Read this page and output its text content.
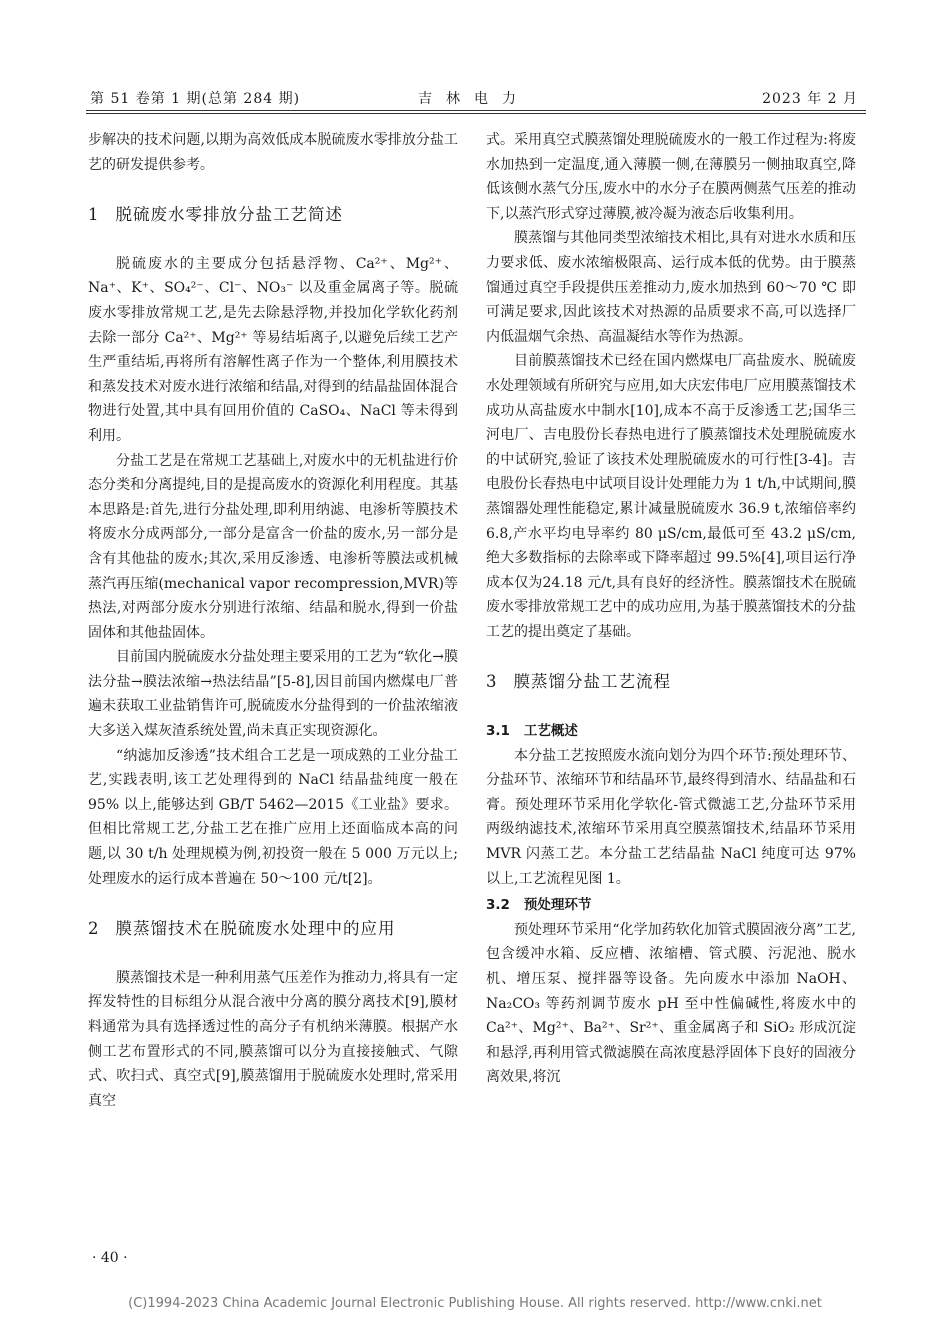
第 51 卷第 1 期(总第 284 期)	吉林电力	2023 年 2 月

步解决的技术问题,以期为高效低成本脱硫废水零排放分盐工艺的研发提供参考。

1 脱硫废水零排放分盐工艺简述

脱硫废水的主要成分包括悬浮物、Ca²⁺、Mg²⁺、Na⁺、K⁺、SO₄²⁻、Cl⁻、NO₃⁻ 以及重金属离子等。脱硫废水零排放常规工艺,是先去除悬浮物,并投加化学软化药剂去除一部分 Ca²⁺、Mg²⁺ 等易结垢离子,以避免后续工艺产生严重结垢,再将所有溶解性离子作为一个整体,利用膜技术和蒸发技术对废水进行浓缩和结晶,对得到的结晶盐固体混合物进行处置,其中具有回用价值的 CaSO₄、NaCl 等未得到利用。

分盐工艺是在常规工艺基础上,对废水中的无机盐进行价态分类和分离提纯,目的是提高废水的资源化利用程度。其基本思路是:首先,进行分盐处理,即利用纳滤、电渗析等膜技术将废水分成两部分,一部分是富含一价盐的废水,另一部分是含有其他盐的废水;其次,采用反渗透、电渗析等膜法或机械蒸汽再压缩(mechanical vapor recompression,MVR)等热法,对两部分废水分别进行浓缩、结晶和脱水,得到一价盐固体和其他盐固体。

目前国内脱硫废水分盐处理主要采用的工艺为“软化→膜法分盐→膜法浓缩→热法结晶”[5-8],因目前国内燃煤电厂普遍未获取工业盐销售许可,脱硫废水分盐得到的一价盐浓缩液大多送入煤灰渣系统处置,尚未真正实现资源化。

“纳滤加反渗透”技术组合工艺是一项成熟的工业分盐工艺,实践表明,该工艺处理得到的 NaCl 结晶盐纯度一般在 95% 以上,能够达到 GB/T 5462—2015《工业盐》要求。但相比常规工艺,分盐工艺在推广应用上还面临成本高的问题,以 30 t/h 处理规模为例,初投资一般在 5 000 万元以上;处理废水的运行成本普遍在 50～100 元/t[2]。

2 膜蒸馏技术在脱硫废水处理中的应用

膜蒸馏技术是一种利用蒸气压差作为推动力,将具有一定挥发特性的目标组分从混合液中分离的膜分离技术[9],膜材料通常为具有选择透过性的高分子有机纳米薄膜。根据产水侧工艺布置形式的不同,膜蒸馏可以分为直接接触式、气隙式、吹扫式、真空式[9],膜蒸馏用于脱硫废水处理时,常采用真空

式。采用真空式膜蒸馏处理脱硫废水的一般工作过程为:将废水加热到一定温度,通入薄膜一侧,在薄膜另一侧抽取真空,降低该侧水蒸气分压,废水中的水分子在膜两侧蒸气压差的推动下,以蒸汽形式穿过薄膜,被冷凝为液态后收集利用。

膜蒸馏与其他同类型浓缩技术相比,具有对进水水质和压力要求低、废水浓缩极限高、运行成本低的优势。由于膜蒸馏通过真空手段提供压差推动力,废水加热到 60～70 ℃ 即可满足要求,因此该技术对热源的品质要求不高,可以选择厂内低温烟气余热、高温凝结水等作为热源。

目前膜蒸馏技术已经在国内燃煤电厂高盐废水、脱硫废水处理领域有所研究与应用,如大庆宏伟电厂应用膜蒸馏技术成功从高盐废水中制水[10],成本不高于反渗透工艺;国华三河电厂、吉电股份长春热电进行了膜蒸馏技术处理脱硫废水的中试研究,验证了该技术处理脱硫废水的可行性[3-4]。吉电股份长春热电中试项目设计处理能力为 1 t/h,中试期间,膜蒸馏器处理性能稳定,累计减量脱硫废水 36.9 t,浓缩倍率约 6.8,产水平均电导率约 80 μS/cm,最低可至 43.2 μS/cm,绝大多数指标的去除率或下降率超过 99.5%[4],项目运行净成本仅为24.18 元/t,具有良好的经济性。膜蒸馏技术在脱硫废水零排放常规工艺中的成功应用,为基于膜蒸馏技术的分盐工艺的提出奠定了基础。

3 膜蒸馏分盐工艺流程
3.1 工艺概述

本分盐工艺按照废水流向划分为四个环节:预处理环节、分盐环节、浓缩环节和结晶环节,最终得到清水、结晶盐和石膏。预处理环节采用化学软化-管式微滤工艺,分盐环节采用两级纳滤技术,浓缩环节采用真空膜蒸馏技术,结晶环节采用 MVR 闪蒸工艺。本分盐工艺结晶盐 NaCl 纯度可达 97% 以上,工艺流程见图 1。

3.2 预处理环节

预处理环节采用“化学加药软化加管式膜固液分离”工艺,包含缓冲水箱、反应槽、浓缩槽、管式膜、污泥池、脱水机、增压泵、搅拌器等设备。先向废水中添加 NaOH、Na₂CO₃ 等药剂调节废水 pH 至中性偏碱性,将废水中的 Ca²⁺、Mg²⁺、Ba²⁺、Sr²⁺、重金属离子和 SiO₂ 形成沉淀和悬浮,再利用管式微滤膜在高浓度悬浮固体下良好的固液分离效果,将沉

· 40 ·
(C)1994-2023 China Academic Journal Electronic Publishing House. All rights reserved. http://www.cnki.net
